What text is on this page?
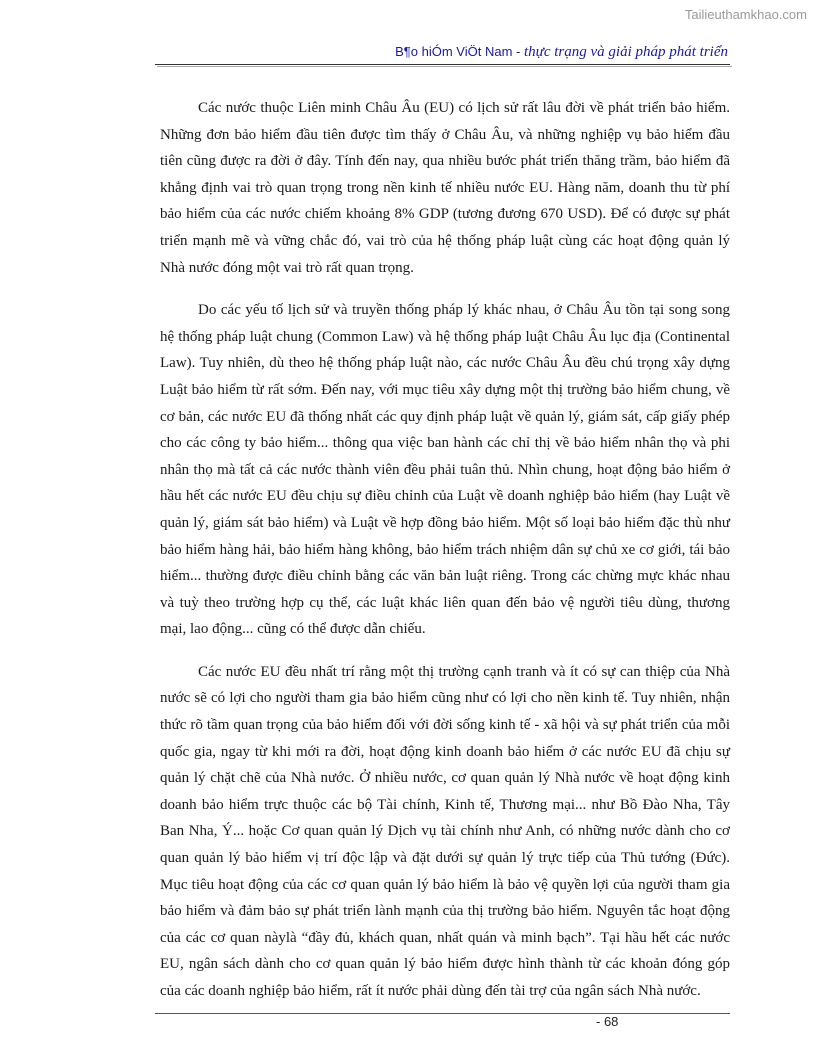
Tailieuthamkhao.com
B¶o hiÓm ViÖt Nam - thực trạng và giải pháp phát triển

Các nước thuộc Liên minh Châu Âu (EU) có lịch sử rất lâu đời về phát triển bảo hiểm. Những đơn bảo hiểm đầu tiên được tìm thấy ở Châu Âu, và những nghiệp vụ bảo hiểm đầu tiên cũng được ra đời ở đây. Tính đến nay, qua nhiều bước phát triển thăng trầm, bảo hiểm đã khẳng định vai trò quan trọng trong nền kinh tế nhiều nước EU. Hàng năm, doanh thu từ phí bảo hiểm của các nước chiếm khoảng 8% GDP (tương đương 670 USD). Để có được sự phát triển mạnh mẽ và vững chắc đó, vai trò của hệ thống pháp luật cùng các hoạt động quản lý Nhà nước đóng một vai trò rất quan trọng.

Do các yếu tố lịch sử và truyền thống pháp lý khác nhau, ở Châu Âu tồn tại song song hệ thống pháp luật chung (Common Law) và hệ thống pháp luật Châu Âu lục địa (Continental Law). Tuy nhiên, dù theo hệ thống pháp luật nào, các nước Châu Âu đều chú trọng xây dựng Luật bảo hiểm từ rất sớm. Đến nay, với mục tiêu xây dựng một thị trường bảo hiểm chung, về cơ bản, các nước EU đã thống nhất các quy định pháp luật về quản lý, giám sát, cấp giấy phép cho các công ty bảo hiểm... thông qua việc ban hành các chỉ thị về bảo hiểm nhân thọ và phi nhân thọ mà tất cả các nước thành viên đều phải tuân thủ. Nhìn chung, hoạt động bảo hiểm ở hầu hết các nước EU đều chịu sự điều chỉnh của Luật về doanh nghiệp bảo hiểm (hay Luật về quản lý, giám sát bảo hiểm) và Luật về hợp đồng bảo hiểm. Một số loại bảo hiểm đặc thù như bảo hiểm hàng hải, bảo hiểm hàng không, bảo hiểm trách nhiệm dân sự chủ xe cơ giới, tái bảo hiểm... thường được điều chỉnh bằng các văn bản luật riêng. Trong các chừng mực khác nhau và tuỳ theo trường hợp cụ thể, các luật khác liên quan đến bảo vệ người tiêu dùng, thương mại, lao động... cũng có thể được dẫn chiếu.

Các nước EU đều nhất trí rằng một thị trường cạnh tranh và ít có sự can thiệp của Nhà nước sẽ có lợi cho người tham gia bảo hiểm cũng như có lợi cho nền kinh tế. Tuy nhiên, nhận thức rõ tầm quan trọng của bảo hiểm đối với đời sống kinh tế - xã hội và sự phát triển của mỗi quốc gia, ngay từ khi mới ra đời, hoạt động kinh doanh bảo hiểm ở các nước EU đã chịu sự quản lý chặt chẽ của Nhà nước. Ở nhiều nước, cơ quan quản lý Nhà nước về hoạt động kinh doanh bảo hiểm trực thuộc các bộ Tài chính, Kinh tế, Thương mại... như Bồ Đào Nha, Tây Ban Nha, Ý... hoặc Cơ quan quản lý Dịch vụ tài chính như Anh, có những nước dành cho cơ quan quản lý bảo hiểm vị trí độc lập và đặt dưới sự quản lý trực tiếp của Thủ tướng (Đức). Mục tiêu hoạt động của các cơ quan quản lý bảo hiểm là bảo vệ quyền lợi của người tham gia bảo hiểm và đảm bảo sự phát triển lành mạnh của thị trường bảo hiểm. Nguyên tắc hoạt động của các cơ quan nàylà “đầy đủ, khách quan, nhất quán và minh bạch”. Tại hầu hết các nước EU, ngân sách dành cho cơ quan quản lý bảo hiểm được hình thành từ các khoản đóng góp của các doanh nghiệp bảo hiểm, rất ít nước phải dùng đến tài trợ của ngân sách Nhà nước.

- 68
